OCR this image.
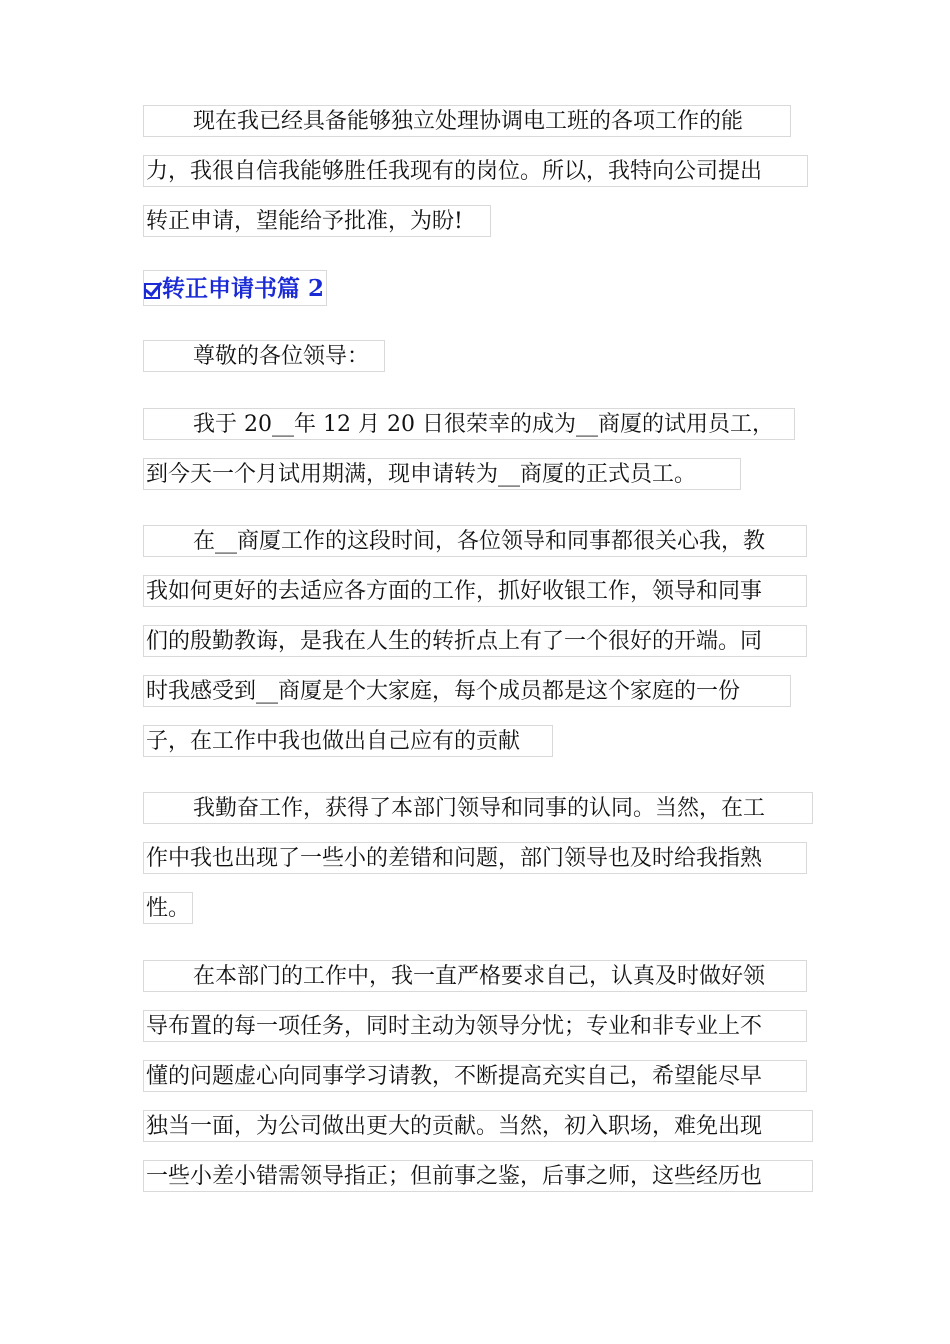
现在我已经具备能够独立处理协调电工班的各项工作的能
力，我很自信我能够胜任我现有的岗位。所以，我特向公司提出
转正申请，望能给予批准，为盼!
转正申请书篇 2
尊敬的各位领导：
我于 20__年 12 月 20 日很荣幸的成为__商厦的试用员工，
到今天一个月试用期满，现申请转为__商厦的正式员工。
在__商厦工作的这段时间，各位领导和同事都很关心我，教
我如何更好的去适应各方面的工作，抓好收银工作，领导和同事
们的殷勤教诲，是我在人生的转折点上有了一个很好的开端。同
时我感受到__商厦是个大家庭，每个成员都是这个家庭的一份
子，在工作中我也做出自己应有的贡献
我勤奋工作，获得了本部门领导和同事的认同。当然，在工
作中我也出现了一些小的差错和问题，部门领导也及时给我指熟
性。
在本部门的工作中，我一直严格要求自己，认真及时做好领
导布置的每一项任务，同时主动为领导分忧；专业和非专业上不
懂的问题虚心向同事学习请教，不断提高充实自己，希望能尽早
独当一面，为公司做出更大的贡献。当然，初入职场，难免出现
一些小差小错需领导指正；但前事之鉴，后事之师，这些经历也
